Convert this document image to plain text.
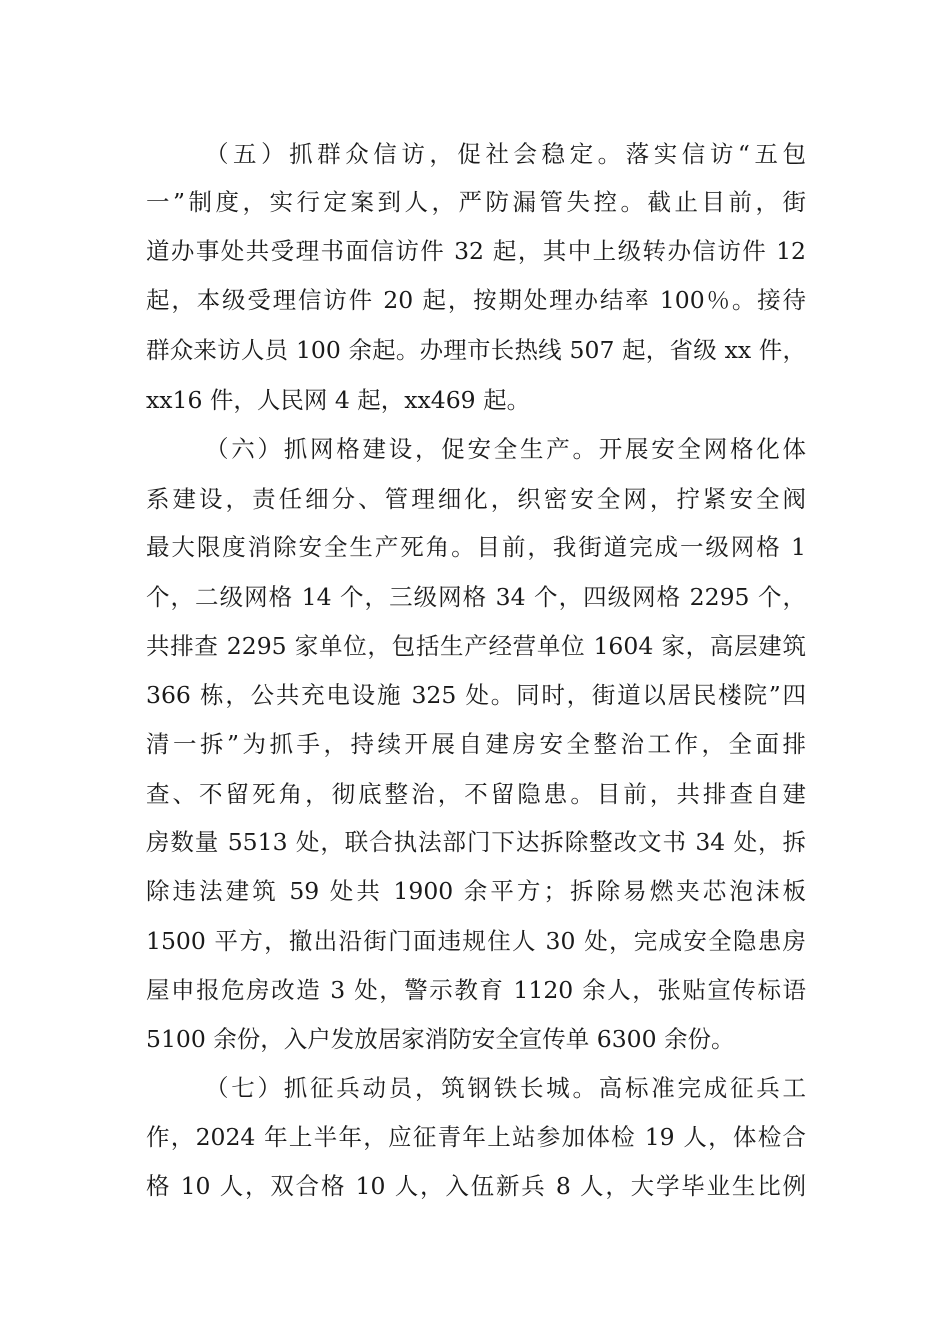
（五）抓群众信访，促社会稳定。落实信访“五包
一”制度，实行定案到人，严防漏管失控。截止目前，街
道办事处共受理书面信访件 32 起，其中上级转办信访件 12
起，本级受理信访件 20 起，按期处理办结率 100％。接待
群众来访人员 100 余起。办理市长热线 507 起，省级 xx 件，
xx16 件，人民网 4 起，xx469 起。
（六）抓网格建设，促安全生产。开展安全网格化体
系建设，责任细分、管理细化，织密安全网，拧紧安全阀
最大限度消除安全生产死角。目前，我街道完成一级网格 1
个，二级网格 14 个，三级网格 34 个，四级网格 2295 个，
共排查 2295 家单位，包括生产经营单位 1604 家，高层建筑
366 栋，公共充电设施 325 处。同时，街道以居民楼院”四
清一拆”为抓手，持续开展自建房安全整治工作，全面排
查、不留死角，彻底整治，不留隐患。目前，共排查自建
房数量 5513 处，联合执法部门下达拆除整改文书 34 处，拆
除违法建筑 59 处共 1900 余平方；拆除易燃夹芯泡沫板
1500 平方，撤出沿街门面违规住人 30 处，完成安全隐患房
屋申报危房改造 3 处，警示教育 1120 余人，张贴宣传标语
5100 余份，入户发放居家消防安全宣传单 6300 余份。
（七）抓征兵动员，筑钢铁长城。高标准完成征兵工
作，2024 年上半年，应征青年上站参加体检 19 人，体检合
格 10 人，双合格 10 人，入伍新兵 8 人，大学毕业生比例
